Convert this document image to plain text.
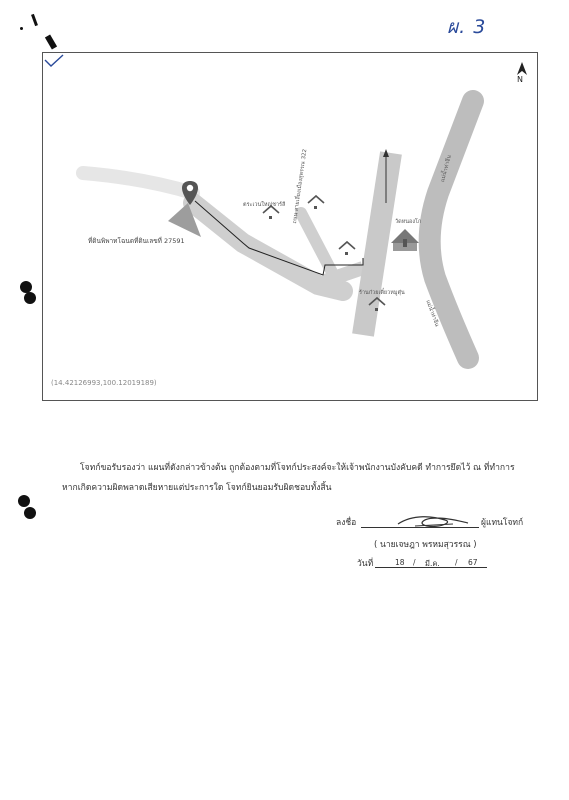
ผ. 3
N
ที่ดินพิพาทโฉนดที่ดินเลขที่ 27591
ตระเวนใหญ่ชาร์ลี
วัดหนองโก
ร้านก๋วยเตี๋ยวหมูตุ๋น
ถนน สายเลี่ยงเมืองสุพรรณ 322	แม่น้ำท่าจีน
แม่น้ำท่าจีน
(14.42126993,100.12019189)
โจทก์ขอรับรองว่า แผนที่ดังกล่าวข้างต้น ถูกต้องตามที่โจทก์ประสงค์จะให้เจ้าพนักงานบังคับคดี ทำการยึดไว้ ณ ที่ทำการ
หากเกิดความผิดพลาดเสียหายแต่ประการใด โจทก์ยินยอมรับผิดชอบทั้งสิ้น
ลงชื่อ	ผู้แทนโจทก์
( นายเจษฎา พรหมสุวรรณ )
วันที่	18 / มี.ค. / 67
